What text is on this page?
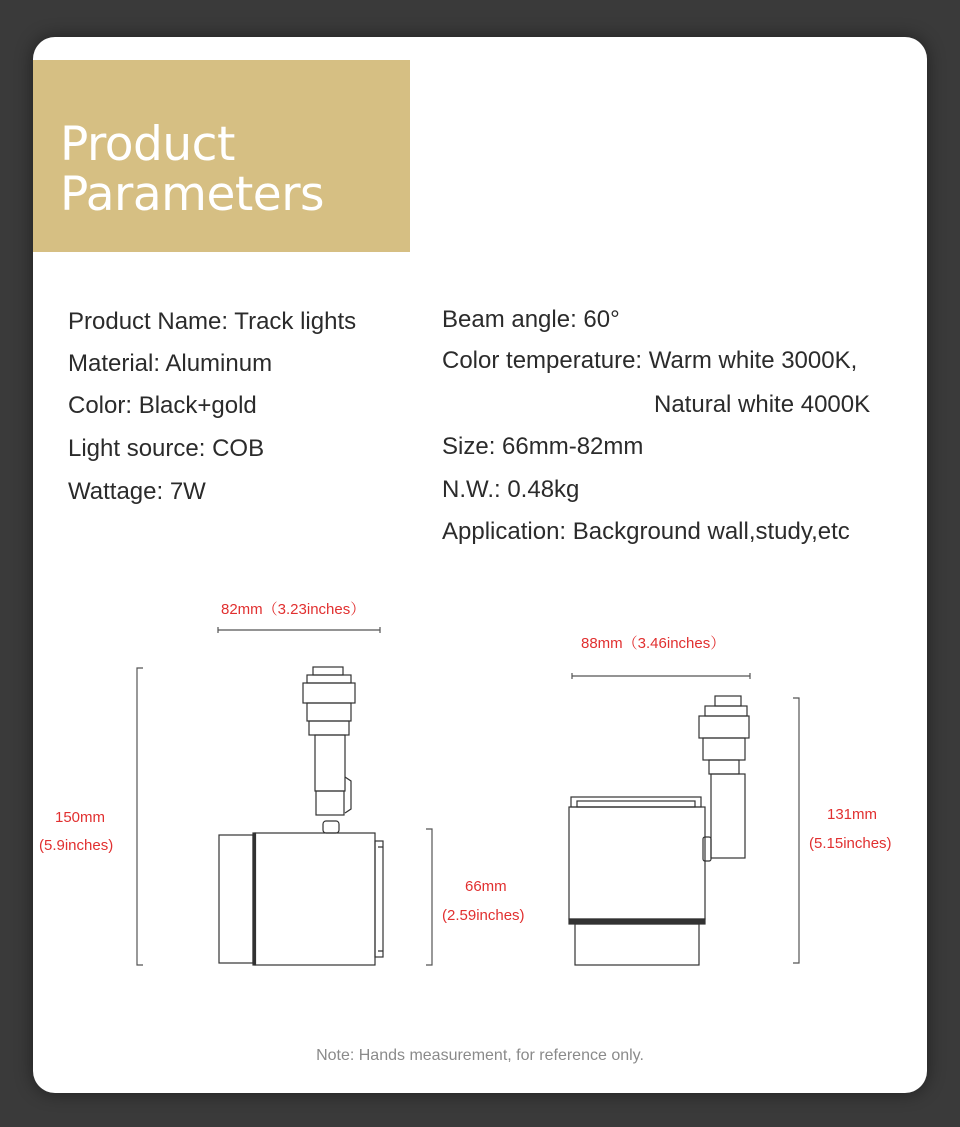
Product
Parameters
Product Name: Track lights
Material: Aluminum
Color: Black+gold
Light source: COB
Wattage: 7W
Beam angle: 60°
Color temperature: Warm white 3000K,
Natural white 4000K
Size: 66mm-82mm
N.W.: 0.48kg
Application: Background wall,study,etc
82mm（3.23inches）
150mm
(5.9inches)
66mm
(2.59inches)
88mm（3.46inches）
131mm
(5.15inches)
Note: Hands measurement, for reference only.
